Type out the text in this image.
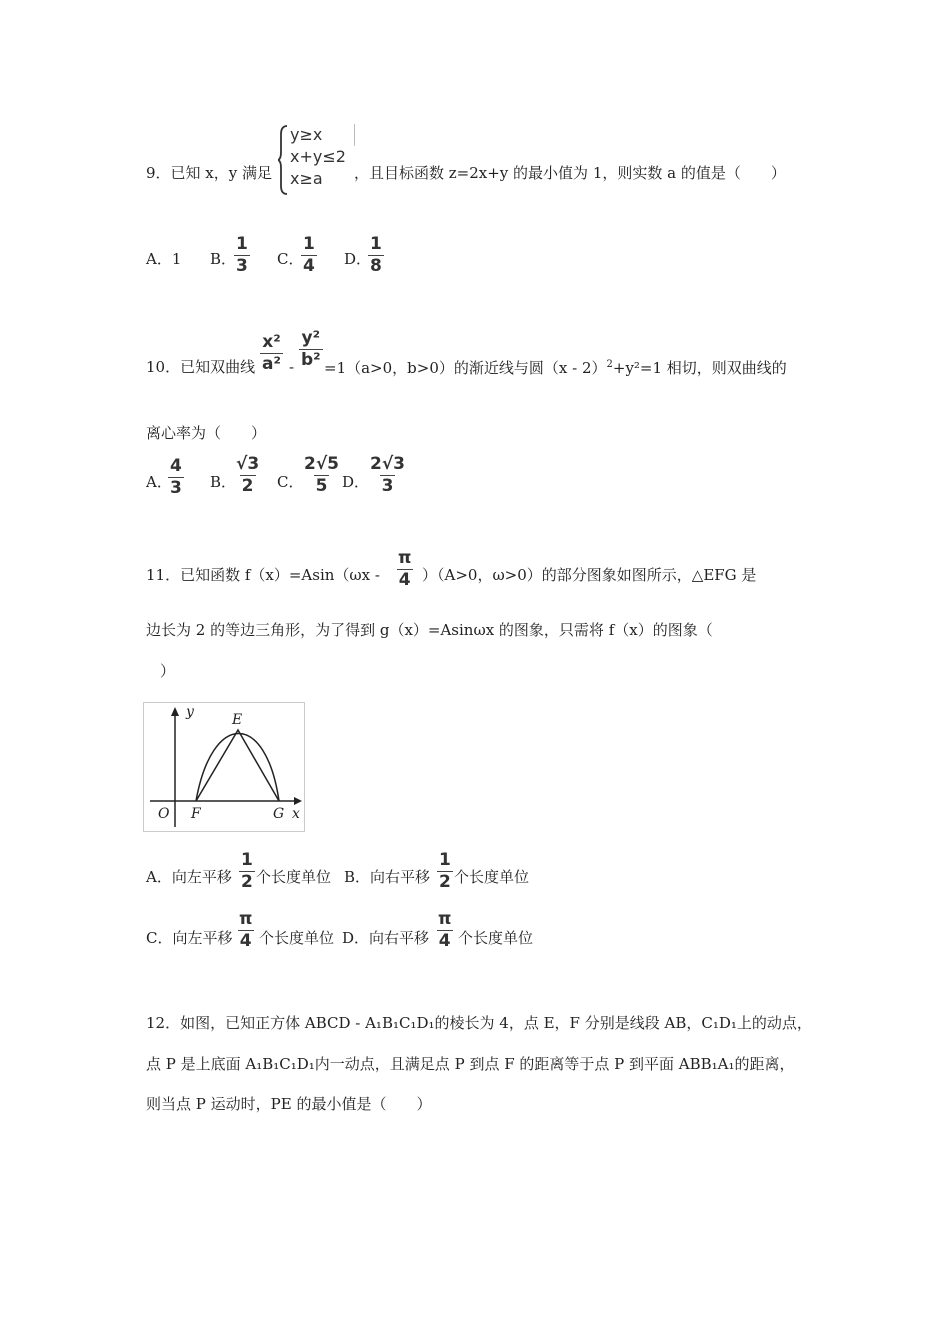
9．已知 x，y 满足
y≥x
x+y≤2
x≥a	，且目标函数 z=2x+y 的最小值为 1，则实数 a 的值是（　　）
A．1 B．
$\frac{1}{3}$ C．
$\frac{1}{4}$ D．
$\frac{1}{8}$
10．已知双曲线 $\frac{\text{x²}}{\text{a²}} - \frac{\text{y²}}{\text{b²}} =1(a>0$，b>0）的渐近线与圆（x - 2）$^2$+y²=1 相切，则双曲线的
离心率为（　　）
A．
$\frac{4}{3}$ B．
$\frac{√3}{2}$ C．
$\frac{2√5}{5}$ D．
$\frac{2√3}{3}$
11．已知函数 $f(x)=Asin(\omega x - \frac{\pi}{4} )(A>0$，ω>0）的部分图象如图所示，△EFG 是
边长为 2 的等边三角形，为了得到 g（x）=Asinωx 的图象，只需将 f（x）的图象（
）
y	E
O F	G x
A．向左平移 $\frac{1}{2}$ 个长度单位 B．向右平移 $\frac{1}{2}$ 个长度单位
C．向左平移 $\frac{\pi}{4}$ 个长度单位 D．向右平移 $\frac{\pi}{4}$ 个长度单位
12．如图，已知正方体 ABCD - A₁B₁C₁D₁的棱长为 4，点 E，F 分别是线段 AB，C₁D₁上的动点，
点 P 是上底面 A₁B₁C₁D₁内一动点，且满足点 P 到点 F 的距离等于点 P 到平面 ABB₁A₁的距离，
则当点 P 运动时，PE 的最小值是（　　）
